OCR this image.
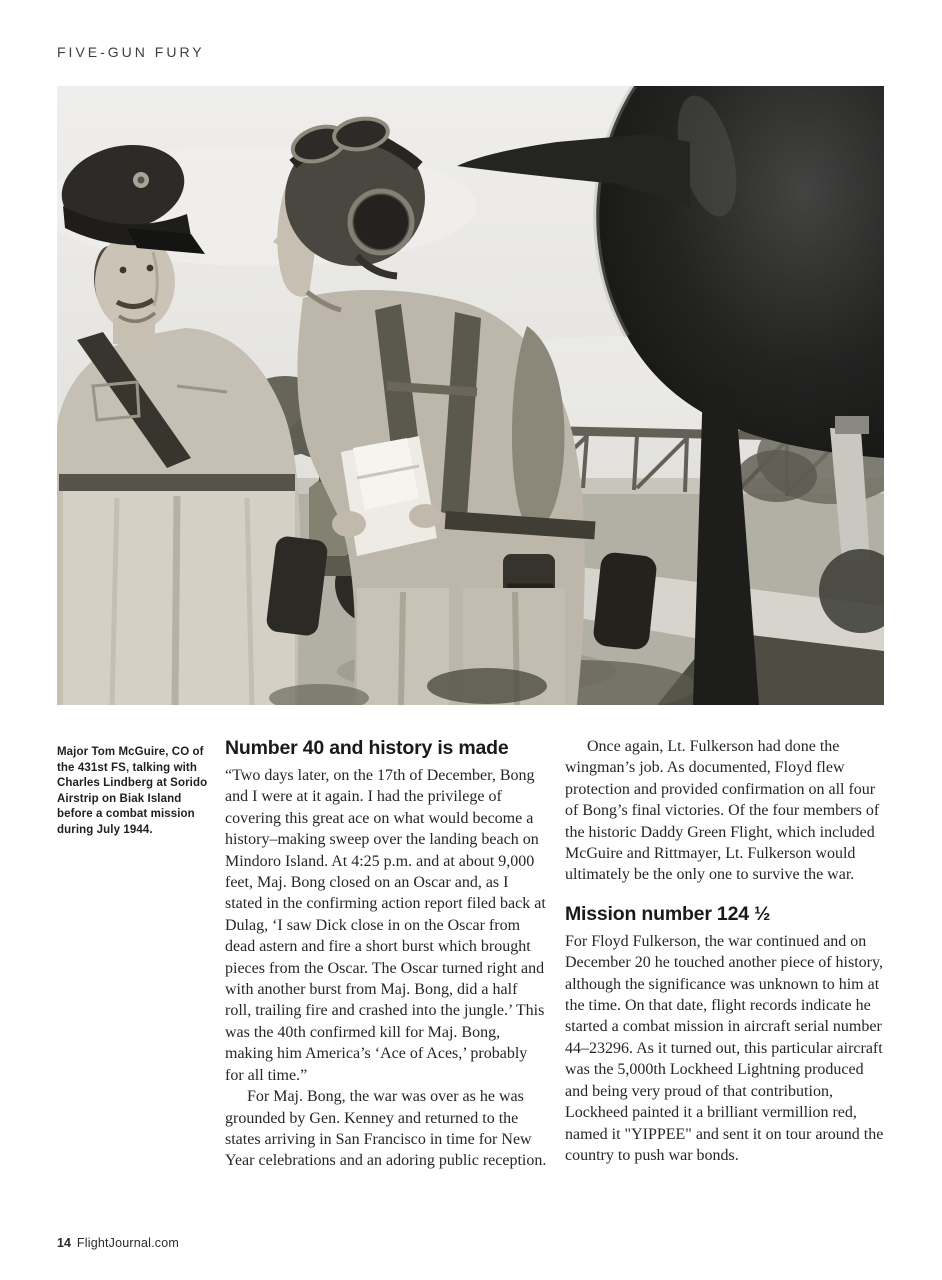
FIVE-GUN FURY
Major Tom McGuire, CO of the 431st FS, talking with Charles Lindberg at Sorido Airstrip on Biak Island before a combat mission during July 1944.
Number 40 and history is made

“Two days later, on the 17th of December, Bong and I were at it again. I had the privilege of covering this great ace on what would become a history–making sweep over the landing beach on Mindoro Island. At 4:25 p.m. and at about 9,000 feet, Maj. Bong closed on an Oscar and, as I stated in the confirming action report filed back at Dulag, ‘I saw Dick close in on the Oscar from dead astern and fire a short burst which brought pieces from the Oscar. The Oscar turned right and with another burst from Maj. Bong, did a half roll, trailing fire and crashed into the jungle.’ This was the 40th confirmed kill for Maj. Bong, making him America’s ‘Ace of Aces,’ probably for all time.”

For Maj. Bong, the war was over as he was grounded by Gen. Kenney and returned to the states arriving in San Francisco in time for New Year celebrations and an adoring public reception.

Once again, Lt. Fulkerson had done the wingman’s job. As documented, Floyd flew protection and provided confirmation on all four of Bong’s final victories. Of the four members of the historic Daddy Green Flight, which included McGuire and Rittmayer, Lt. Fulkerson would ultimately be the only one to survive the war.

Mission number 124 ½

For Floyd Fulkerson, the war continued and on December 20 he touched another piece of history, although the significance was unknown to him at the time. On that date, flight records indicate he started a combat mission in aircraft serial number 44–23296. As it turned out, this particular aircraft was the 5,000th Lockheed Lightning produced and being very proud of that contribution, Lockheed painted it a brilliant vermillion red, named it "YIPPEE" and sent it on tour around the country to push war bonds.

14 FlightJournal.com
